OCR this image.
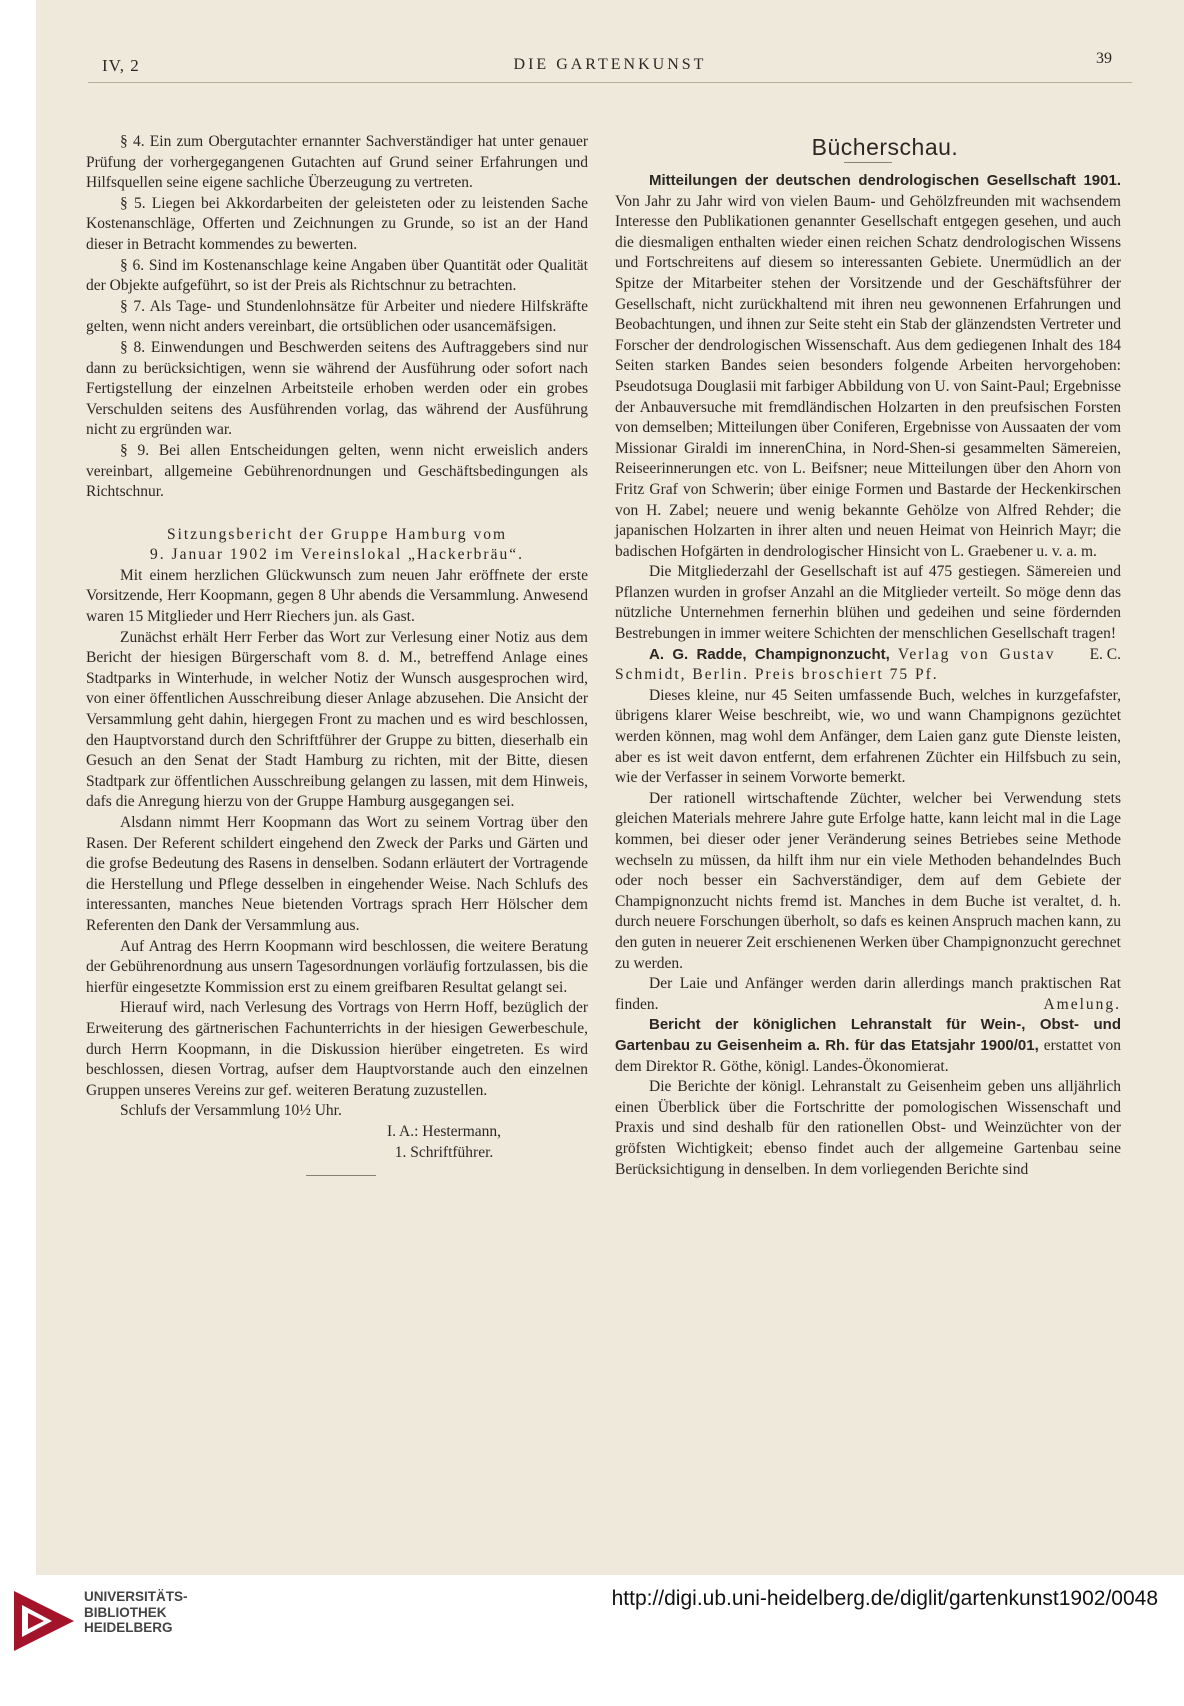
IV, 2	DIE GARTENKUNST	39

§ 4. Ein zum Obergutachter ernannter Sachverständiger hat unter genauer Prüfung der vorhergegangenen Gutachten auf Grund seiner Erfahrungen und Hilfsquellen seine eigene sachliche Überzeugung zu vertreten.

§ 5. Liegen bei Akkordarbeiten der geleisteten oder zu leistenden Sache Kostenanschläge, Offerten und Zeichnungen zu Grunde, so ist an der Hand dieser in Betracht kommendes zu bewerten.

§ 6. Sind im Kostenanschlage keine Angaben über Quantität oder Qualität der Objekte aufgeführt, so ist der Preis als Richtschnur zu betrachten.

§ 7. Als Tage- und Stundenlohnsätze für Arbeiter und niedere Hilfskräfte gelten, wenn nicht anders vereinbart, die ortsüblichen oder usancemäfsigen.

§ 8. Einwendungen und Beschwerden seitens des Auftraggebers sind nur dann zu berücksichtigen, wenn sie während der Ausführung oder sofort nach Fertigstellung der einzelnen Arbeitsteile erhoben werden oder ein grobes Verschulden seitens des Ausführenden vorlag, das während der Ausführung nicht zu ergründen war.

§ 9. Bei allen Entscheidungen gelten, wenn nicht erweislich anders vereinbart, allgemeine Gebührenordnungen und Geschäftsbedingungen als Richtschnur.

Sitzungsbericht der Gruppe Hamburg vom

9. Januar 1902 im Vereinslokal „Hackerbräu“.

Mit einem herzlichen Glückwunsch zum neuen Jahr eröffnete der erste Vorsitzende, Herr Koopmann, gegen 8 Uhr abends die Versammlung. Anwesend waren 15 Mitglieder und Herr Riechers jun. als Gast.

Zunächst erhält Herr Ferber das Wort zur Verlesung einer Notiz aus dem Bericht der hiesigen Bürgerschaft vom 8. d. M., betreffend Anlage eines Stadtparks in Winterhude, in welcher Notiz der Wunsch ausgesprochen wird, von einer öffentlichen Ausschreibung dieser Anlage abzusehen. Die Ansicht der Versammlung geht dahin, hiergegen Front zu machen und es wird beschlossen, den Hauptvorstand durch den Schriftführer der Gruppe zu bitten, dieserhalb ein Gesuch an den Senat der Stadt Hamburg zu richten, mit der Bitte, diesen Stadtpark zur öffentlichen Ausschreibung gelangen zu lassen, mit dem Hinweis, dafs die Anregung hierzu von der Gruppe Hamburg ausgegangen sei.

Alsdann nimmt Herr Koopmann das Wort zu seinem Vortrag über den Rasen. Der Referent schildert eingehend den Zweck der Parks und Gärten und die grofse Bedeutung des Rasens in denselben. Sodann erläutert der Vortragende die Herstellung und Pflege desselben in eingehender Weise. Nach Schlufs des interessanten, manches Neue bietenden Vortrags sprach Herr Hölscher dem Referenten den Dank der Versammlung aus.

Auf Antrag des Herrn Koopmann wird beschlossen, die weitere Beratung der Gebührenordnung aus unsern Tagesordnungen vorläufig fortzulassen, bis die hierfür eingesetzte Kommission erst zu einem greifbaren Resultat gelangt sei.

Hierauf wird, nach Verlesung des Vortrags von Herrn Hoff, bezüglich der Erweiterung des gärtnerischen Fachunterrichts in der hiesigen Gewerbeschule, durch Herrn Koopmann, in die Diskussion hierüber eingetreten. Es wird beschlossen, diesen Vortrag, aufser dem Hauptvorstande auch den einzelnen Gruppen unseres Vereins zur gef. weiteren Beratung zuzustellen.

Schlufs der Versammlung 10½ Uhr.

I. A.: Hestermann,

1. Schriftführer.

Bücherschau.

Mitteilungen der deutschen dendrologischen Gesellschaft 1901. Von Jahr zu Jahr wird von vielen Baum- und Gehölzfreunden mit wachsendem Interesse den Publikationen genannter Gesellschaft entgegen gesehen, und auch die diesmaligen enthalten wieder einen reichen Schatz dendrologischen Wissens und Fortschreitens auf diesem so interessanten Gebiete. Unermüdlich an der Spitze der Mitarbeiter stehen der Vorsitzende und der Geschäftsführer der Gesellschaft, nicht zurückhaltend mit ihren neu gewonnenen Erfahrungen und Beobachtungen, und ihnen zur Seite steht ein Stab der glänzendsten Vertreter und Forscher der dendrologischen Wissenschaft. Aus dem gediegenen Inhalt des 184 Seiten starken Bandes seien besonders folgende Arbeiten hervorgehoben: Pseudotsuga Douglasii mit farbiger Abbildung von U. von Saint-Paul; Ergebnisse der Anbauversuche mit fremdländischen Holzarten in den preufsischen Forsten von demselben; Mitteilungen über Coniferen, Ergebnisse von Aussaaten der vom Missionar Giraldi im innerenChina, in Nord-Shen-si gesammelten Sämereien, Reiseerinnerungen etc. von L. Beifsner; neue Mitteilungen über den Ahorn von Fritz Graf von Schwerin; über einige Formen und Bastarde der Heckenkirschen von H. Zabel; neuere und wenig bekannte Gehölze von Alfred Rehder; die japanischen Holzarten in ihrer alten und neuen Heimat von Heinrich Mayr; die badischen Hofgärten in dendrologischer Hinsicht von L. Graebener u. v. a. m.

Die Mitgliederzahl der Gesellschaft ist auf 475 gestiegen. Sämereien und Pflanzen wurden in grofser Anzahl an die Mitglieder verteilt. So möge denn das nützliche Unternehmen fernerhin blühen und gedeihen und seine fördernden Bestrebungen in immer weitere Schichten der menschlichen Gesellschaft tragen!
E. C.

A. G. Radde, Champignonzucht, Verlag von Gustav Schmidt, Berlin. Preis broschiert 75 Pf.

Dieses kleine, nur 45 Seiten umfassende Buch, welches in kurzgefafster, übrigens klarer Weise beschreibt, wie, wo und wann Champignons gezüchtet werden können, mag wohl dem Anfänger, dem Laien ganz gute Dienste leisten, aber es ist weit davon entfernt, dem erfahrenen Züchter ein Hilfsbuch zu sein, wie der Verfasser in seinem Vorworte bemerkt.

Der rationell wirtschaftende Züchter, welcher bei Verwendung stets gleichen Materials mehrere Jahre gute Erfolge hatte, kann leicht mal in die Lage kommen, bei dieser oder jener Veränderung seines Betriebes seine Methode wechseln zu müssen, da hilft ihm nur ein viele Methoden behandelndes Buch oder noch besser ein Sachverständiger, dem auf dem Gebiete der Champignonzucht nichts fremd ist. Manches in dem Buche ist veraltet, d. h. durch neuere Forschungen überholt, so dafs es keinen Anspruch machen kann, zu den guten in neuerer Zeit erschienenen Werken über Champignonzucht gerechnet zu werden.

Der Laie und Anfänger werden darin allerdings manch praktischen Rat finden.	Amelung.

Bericht der königlichen Lehranstalt für Wein-, Obst- und Gartenbau zu Geisenheim a. Rh. für das Etatsjahr 1900/01, erstattet von dem Direktor R. Göthe, königl. Landes-Ökonomierat.

Die Berichte der königl. Lehranstalt zu Geisenheim geben uns alljährlich einen Überblick über die Fortschritte der pomologischen Wissenschaft und Praxis und sind deshalb für den rationellen Obst- und Weinzüchter von der gröfsten Wichtigkeit; ebenso findet auch der allgemeine Gartenbau seine Berücksichtigung in denselben. In dem vorliegenden Berichte sind

UNIVERSITÄTS-
BIBLIOTHEK
HEIDELBERG
http://digi.ub.uni-heidelberg.de/diglit/gartenkunst1902/0048
